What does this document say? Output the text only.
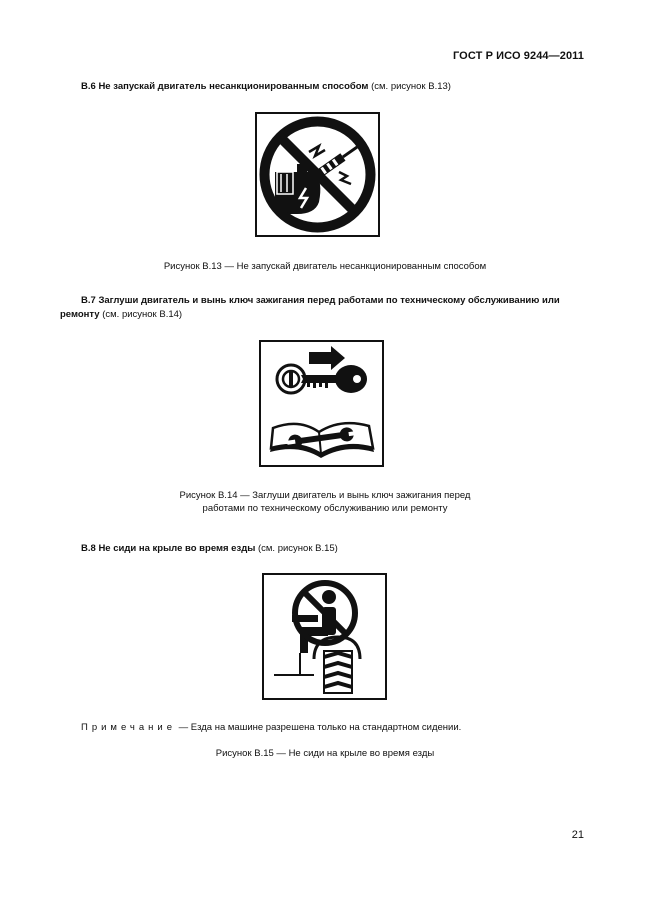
ГОСТ Р ИСО 9244—2011
В.6 Не запускай двигатель несанкционированным способом (см. рисунок В.13)
Рисунок В.13 — Не запускай двигатель несанкционированным способом
В.7 Заглуши двигатель и вынь ключ зажигания перед работами по техническому обслуживанию или
ремонту (см. рисунок В.14)
Рисунок В.14 — Заглуши двигатель и вынь ключ зажигания перед
работами по техническому обслуживанию или ремонту
В.8 Не сиди на крыле во время езды (см. рисунок В.15)
Примечание — Езда на машине разрешена только на стандартном сидении.
Рисунок В.15 — Не сиди на крыле во время езды
21
